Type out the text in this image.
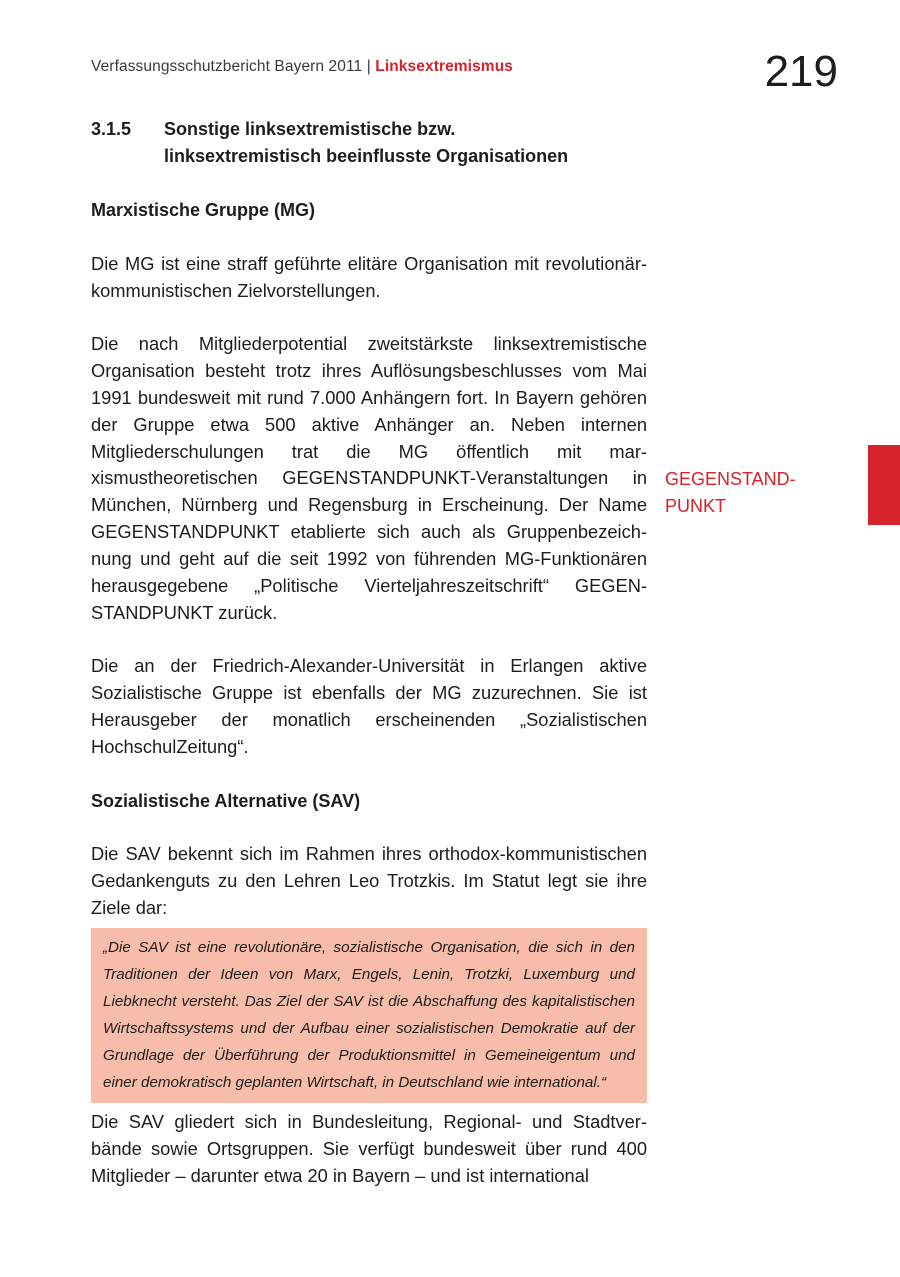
Verfassungsschutzbericht Bayern 2011 | Linksextremismus	219
3.1.5	Sonstige linksextremistische bzw.
linksextremistisch beeinflusste Organisationen
Marxistische Gruppe (MG)

Die MG ist eine straff geführte elitäre Organisation mit revolutionär-kommunistischen Zielvorstellungen.

Die nach Mitgliederpotential zweitstärkste linksextremistische Organisation besteht trotz ihres Auflösungsbeschlusses vom Mai 1991 bundesweit mit rund 7.000 Anhängern fort. In Bayern gehören der Gruppe etwa 500 aktive Anhänger an. Neben internen Mitgliederschulungen trat die MG öffentlich mit marxismustheoretischen GEGENSTANDPUNKT-Veranstaltungen in München, Nürnberg und Regensburg in Erscheinung. Der Name GEGENSTANDPUNKT etablierte sich auch als Gruppenbezeichnung und geht auf die seit 1992 von führenden MG-Funktionären herausgegebene „Politische Vierteljahreszeitschrift“ GEGENSTANDPUNKT zurück.

Die an der Friedrich-Alexander-Universität in Erlangen aktive Sozialistische Gruppe ist ebenfalls der MG zuzurechnen. Sie ist Herausgeber der monatlich erscheinenden „Sozialistischen HochschulZeitung“.

Sozialistische Alternative (SAV)

Die SAV bekennt sich im Rahmen ihres orthodox-kommunistischen Gedankenguts zu den Lehren Leo Trotzkis. Im Statut legt sie ihre Ziele dar:

„Die SAV ist eine revolutionäre, sozialistische Organisation, die sich in den Traditionen der Ideen von Marx, Engels, Lenin, Trotzki, Luxemburg und Liebknecht versteht. Das Ziel der SAV ist die Abschaffung des kapitalistischen Wirtschaftssystems und der Aufbau einer sozialistischen Demokratie auf der Grundlage der Überführung der Produktionsmittel in Gemeineigentum und einer demokratisch geplanten Wirtschaft, in Deutschland wie international.“

Die SAV gliedert sich in Bundesleitung, Regional- und Stadtverbände sowie Ortsgruppen. Sie verfügt bundesweit über rund 400 Mitglieder – darunter etwa 20 in Bayern – und ist international

GEGENSTAND-
PUNKT
